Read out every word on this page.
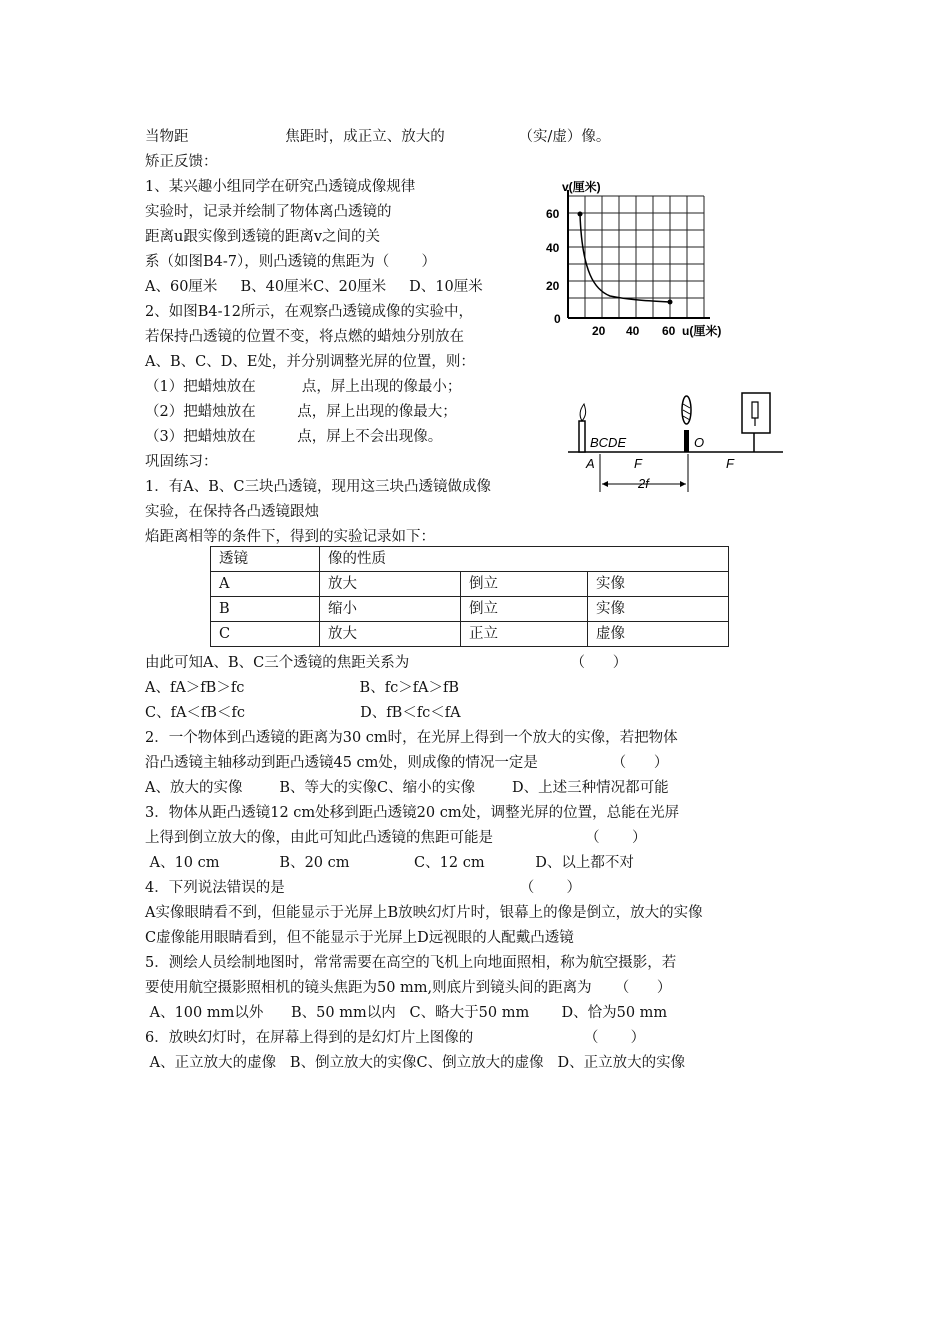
当物距                     焦距时，成正立、放大的                （实/虚）像。
矫正反馈：
1、某兴趣小组同学在研究凸透镜成像规律
实验时，记录并绘制了物体离凸透镜的
距离u跟实像到透镜的距离v之间的关
系（如图B4-7），则凸透镜的焦距为（       ）
A、60厘米     B、40厘米C、20厘米     D、10厘米
2、如图B4-12所示，在观察凸透镜成像的实验中，
若保持凸透镜的位置不变，将点燃的蜡烛分别放在
A、B、C、D、E处，并分别调整光屏的位置，则：
（1）把蜡烛放在          点，屏上出现的像最小；
（2）把蜡烛放在         点，屏上出现的像最大；
（3）把蜡烛放在         点，屏上不会出现像。
巩固练习：
1．有A、B、C三块凸透镜，现用这三块凸透镜做成像
实验，在保持各凸透镜跟烛
焰距离相等的条件下，得到的实验记录如下：
由此可知A、B、C三个透镜的焦距关系为                                   （      ）
A、fA＞fB＞fc                         B、fc＞fA＞fB
C、fA＜fB＜fc                         D、fB＜fc＜fA
2．一个物体到凸透镜的距离为30 cm时，在光屏上得到一个放大的实像，若把物体
沿凸透镜主轴移动到距凸透镜45 cm处，则成像的情况一定是                （      ）
A、放大的实像        B、等大的实像C、缩小的实像        D、上述三种情况都可能
3．物体从距凸透镜12 cm处移到距凸透镜20 cm处，调整光屏的位置，总能在光屏
上得到倒立放大的像，由此可知此凸透镜的焦距可能是                    （       ）
A、10 cm             B、20 cm              C、12 cm           D、以上都不对
4．下列说法错误的是                                                   （       ）
A实像眼睛看不到，但能显示于光屏上B放映幻灯片时，银幕上的像是倒立，放大的实像
C虚像能用眼睛看到，但不能显示于光屏上D远视眼的人配戴凸透镜
5．测绘人员绘制地图时，常常需要在高空的飞机上向地面照相，称为航空摄影，若
要使用航空摄影照相机的镜头焦距为50 mm,则底片到镜头间的距离为     （      ）
A、100 mm以外      B、50 mm以内   C、略大于50 mm       D、恰为50 mm
6．放映幻灯时，在屏幕上得到的是幻灯片上图像的                        （       ）
A、正立放大的虚像   B、倒立放大的实像C、倒立放大的虚像   D、正立放大的实像
透镜	像的性质		
A	放大	倒立	实像
B	缩小	倒立	实像
C	放大	正立	虚像
v(厘米)
60
40
20
0
20 40 60 u(厘米)
BCDE
A	F
O
F
2f
